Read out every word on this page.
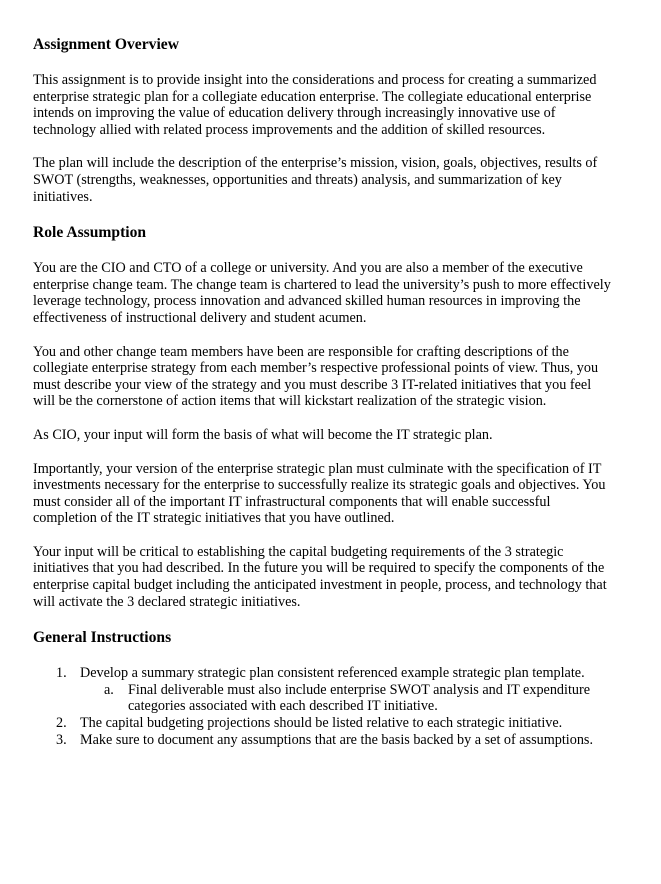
Assignment Overview

This assignment is to provide insight into the considerations and process for creating a summarized enterprise strategic plan for a collegiate education enterprise. The collegiate educational enterprise intends on improving the value of education delivery through increasingly innovative use of technology allied with related process improvements and the addition of skilled resources.

The plan will include the description of the enterprise’s mission, vision, goals, objectives, results of SWOT (strengths, weaknesses, opportunities and threats) analysis, and summarization of key initiatives.

Role Assumption

You are the CIO and CTO of a college or university. And you are also a member of the executive enterprise change team. The change team is chartered to lead the university’s push to more effectively leverage technology, process innovation and advanced skilled human resources in improving the effectiveness of instructional delivery and student acumen.

You and other change team members have been are responsible for crafting descriptions of the collegiate enterprise strategy from each member’s respective professional points of view. Thus, you must describe your view of the strategy and you must describe 3 IT-related initiatives that you feel will be the cornerstone of action items that will kickstart realization of the strategic vision.

As CIO, your input will form the basis of what will become the IT strategic plan.

Importantly, your version of the enterprise strategic plan must culminate with the specification of IT investments necessary for the enterprise to successfully realize its strategic goals and objectives. You must consider all of the important IT infrastructural components that will enable successful completion of the IT strategic initiatives that you have outlined.

Your input will be critical to establishing the capital budgeting requirements of the 3 strategic initiatives that you had described. In the future you will be required to specify the components of the enterprise capital budget including the anticipated investment in people, process, and technology that will activate the 3 declared strategic initiatives.

General Instructions
1. Develop a summary strategic plan consistent referenced example strategic plan template.
a. Final deliverable must also include enterprise SWOT analysis and IT expenditure categories associated with each described IT initiative.
2. The capital budgeting projections should be listed relative to each strategic initiative.
3. Make sure to document any assumptions that are the basis backed by a set of assumptions.
